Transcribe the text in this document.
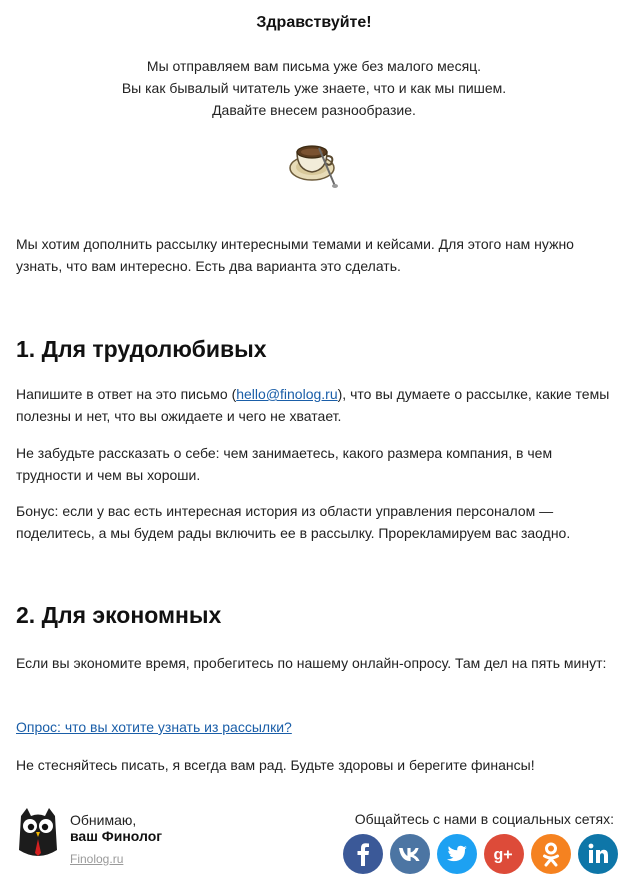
Здравствуйте!
Мы отправляем вам письма уже без малого месяц.
Вы как бывалый читатель уже знаете, что и как мы пишем.
Давайте внесем разнообразие.
Мы хотим дополнить рассылку интересными темами и кейсами. Для этого нам нужно узнать, что вам интересно. Есть два варианта это сделать.
1. Для трудолюбивых
Напишите в ответ на это письмо (hello@finolog.ru), что вы думаете о рассылке, какие темы полезны и нет, что вы ожидаете и чего не хватает.
Не забудьте рассказать о себе: чем занимаетесь, какого размера компания, в чем трудности и чем вы хороши.
Бонус: если у вас есть интересная история из области управления персоналом — поделитесь, а мы будем рады включить ее в рассылку. Прорекламируем вас заодно.
2. Для экономных
Если вы экономите время, пробегитесь по нашему онлайн-опросу. Там дел на пять минут:
Опрос: что вы хотите узнать из рассылки?
Не стесняйтесь писать, я всегда вам рад. Будьте здоровы и берегите финансы!
Обнимаю,
ваш Финолог
Finolog.ru
Общайтесь с нами в социальных сетях:
g+
